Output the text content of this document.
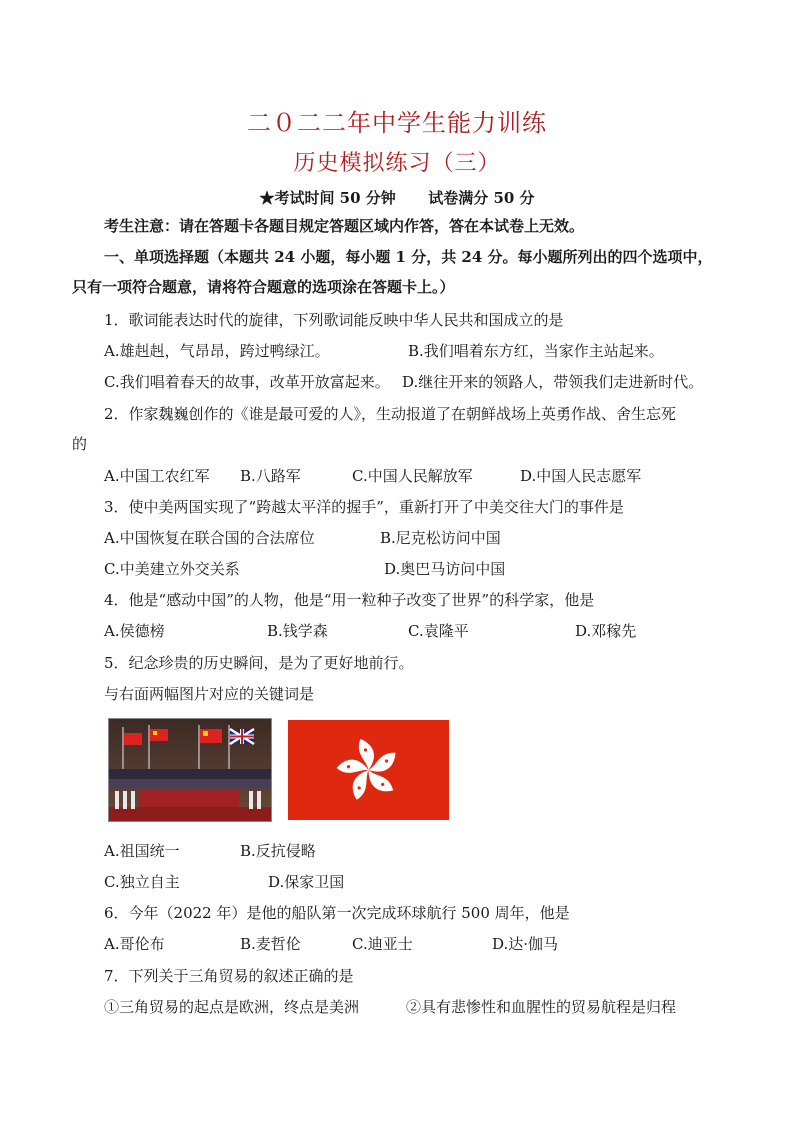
二０二二年中学生能力训练
历史模拟练习（三）
★考试时间 50 分钟 试卷满分 50 分
考生注意：请在答题卡各题目规定答题区域内作答，答在本试卷上无效。
一、单项选择题（本题共 24 小题，每小题 1 分，共 24 分。每小题所列出的四个选项中，
只有一项符合题意，请将符合题意的选项涂在答题卡上。）
1．歌词能表达时代的旋律，下列歌词能反映中华人民共和国成立的是
A.雄赳赳，气昂昂，跨过鸭绿江。	B.我们唱着东方红，当家作主站起来。
C.我们唱着春天的故事，改革开放富起来。 D.继往开来的领路人，带领我们走进新时代。
2．作家魏巍创作的《谁是最可爱的人》，生动报道了在朝鲜战场上英勇作战、舍生忘死
的
A.中国工农红军 B.八路军	C.中国人民解放军	D.中国人民志愿军
3．使中美两国实现了“跨越太平洋的握手”，重新打开了中美交往大门的事件是
A.中国恢复在联合国的合法席位	B.尼克松访问中国
C.中美建立外交关系	D.奥巴马访问中国
4．他是“感动中国”的人物，他是“用一粒种子改变了世界”的科学家，他是
A.侯德榜	B.钱学森	C.袁隆平	D.邓稼先
5．纪念珍贵的历史瞬间，是为了更好地前行。
与右面两幅图片对应的关键词是
A.祖国统一	B.反抗侵略
C.独立自主	D.保家卫国
6．今年（2022 年）是他的船队第一次完成环球航行 500 周年，他是
A.哥伦布	B.麦哲伦	C.迪亚士	D.达·伽马
7．下列关于三角贸易的叙述正确的是
①三角贸易的起点是欧洲，终点是美洲	②具有悲惨性和血腥性的贸易航程是归程
